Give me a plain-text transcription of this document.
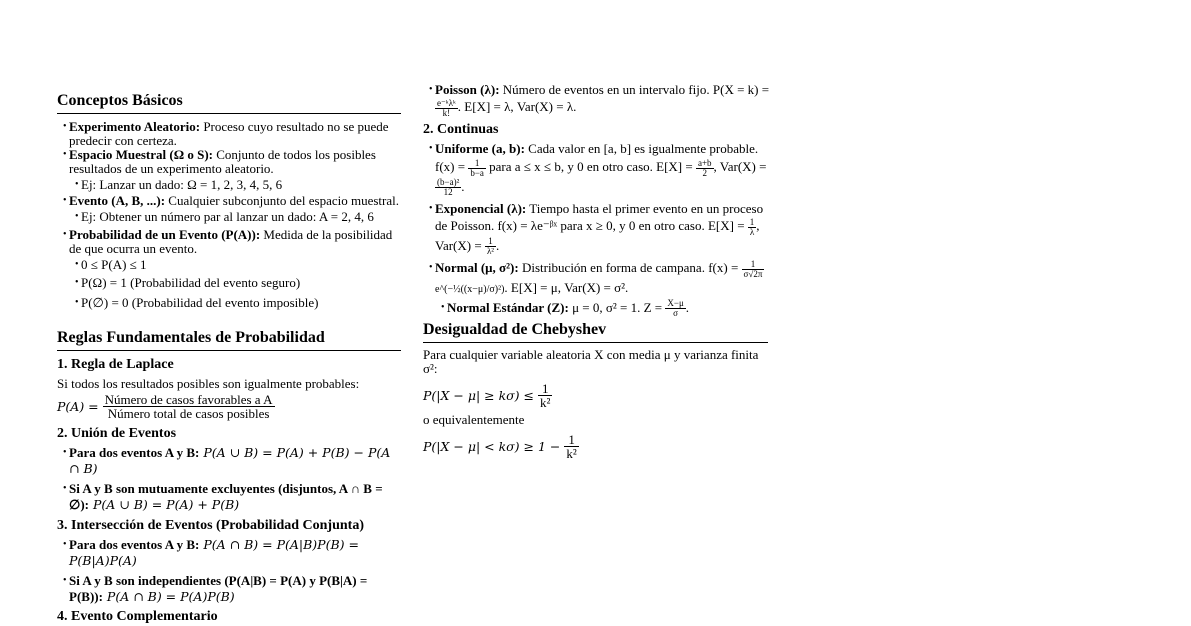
Conceptos Básicos
• Experimento Aleatorio: Proceso cuyo resultado no se puede predecir con certeza.
• Espacio Muestral (Ω o S): Conjunto de todos los posibles resultados de un experimento aleatorio.
• Ej: Lanzar un dado: Ω = 1, 2, 3, 4, 5, 6
• Evento (A, B, ...): Cualquier subconjunto del espacio muestral.
• Ej: Obtener un número par al lanzar un dado: A = 2, 4, 6
• Probabilidad de un Evento (P(A)): Medida de la posibilidad de que ocurra un evento.
• 0 ≤ P(A) ≤ 1
• P(Ω) = 1 (Probabilidad del evento seguro)
• P(∅) = 0 (Probabilidad del evento imposible)
Reglas Fundamentales de Probabilidad
1. Regla de Laplace

Si todos los resultados posibles son igualmente probables:

$P(A) = \frac{\text{Número de casos favorables a A}}{\text{Número total de casos posibles}}$
2. Unión de Eventos
• Para dos eventos A y B: P(A ∪ B) = P(A) + P(B) − P(A ∩ B)
• Si A y B son mutuamente excluyentes (disjuntos, A ∩ B = ∅): P(A ∪ B) = P(A) + P(B)
3. Intersección de Eventos (Probabilidad Conjunta)
• Para dos eventos A y B: P(A ∩ B) = P(A|B)P(B) = P(B|A)P(A)
• Si A y B son independientes (P(A|B) = P(A) y P(B|A) = P(B)): P(A ∩ B) = P(A)P(B)
4. Evento Complementario
• Poisson (λ): Número de eventos en un intervalo fijo. P(X = k) =
$\frac{\text{e⁻ᵏλᵏ}}{k!}$ . E[X] = λ, Var(X) = λ.
2. Continuas
• Uniforme (a, b): Cada valor en [a, b] es igualmente probable. $f(x) = \frac{1}{b-a}$ para a ≤ x ≤ b, y 0 en otro caso. $E[X] = \frac{a+b}{2}$ , Var(X) =
$\frac{\text{(b−a)²}}{12}$ .
• Exponencial (λ): Tiempo hasta el primer evento en un proceso de Poisson. f(x) = λe⁻ᵝˣ para x ≥ 0, y 0 en otro caso. $E[X] = \frac{1}{\lambda}$ , $Var(X) = \frac{1}{\text{λ²}}$ .
• Normal (μ, σ²): Distribución en forma de campana. $f(x) = \frac{1}{\sigma√2\pi}$
e^(−½((x−μ)/σ)²). E[X] = μ, Var(X) = σ².
• Normal Estándar (Z): μ = 0, σ² = 1. $Z = \frac{X-\mu}{\sigma}$ .
Desigualdad de Chebyshev

Para cualquier variable aleatoria X con media μ y varianza finita σ²:

$P(|X - \mu| \ge k\sigma) \le \frac{1}{\text{k²}}$

o equivalentemente

$P(|X - \mu| < k\sigma) \ge 1 - \frac{1}{\text{k²}}$
